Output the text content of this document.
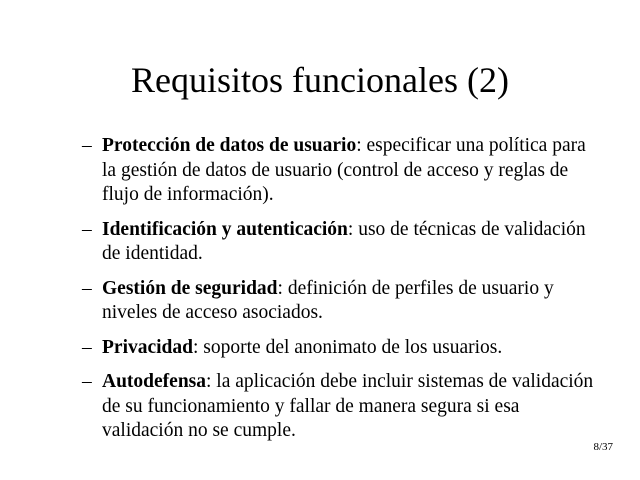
Requisitos funcionales (2)
– Protección de datos de usuario: especificar una política para la gestión de datos de usuario (control de acceso y reglas de flujo de información).
– Identificación y autenticación: uso de técnicas de validación de identidad.
– Gestión de seguridad: definición de perfiles de usuario y niveles de acceso asociados.
– Privacidad: soporte del anonimato de los usuarios.
– Autodefensa: la aplicación debe incluir sistemas de validación de su funcionamiento y fallar de manera segura si esa validación no se cumple.
8/37
